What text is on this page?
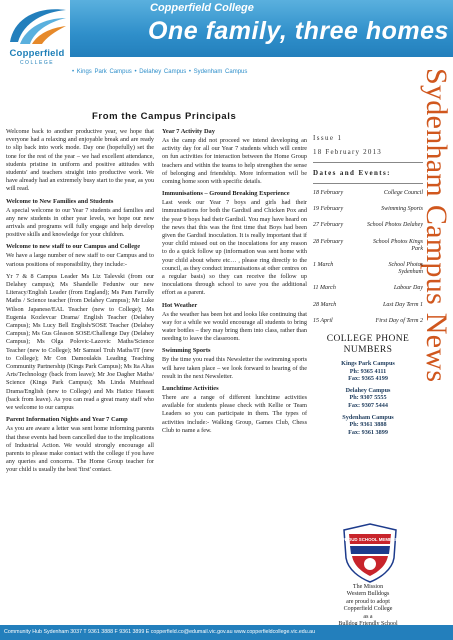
Copperfield
COLLEGE
Copperfield College
One family, three homes
• Kings Park Campus • Delahey Campus • Sydenham Campus	Sydenham Campus News
From the Campus Principals

Welcome back to another productive year, we hope that everyone had a relaxing and enjoyable break and are ready to slip back into work mode. Day one (hopefully) set the tone for the rest of the year – we had excellent attendance, students pristine in uniform and positive attitudes with students' and teachers straight into productive work. We have already had an extremely busy start to the year, as you will read.

Welcome to New Families and Students

A special welcome to our Year 7 students and families and any new students in other year levels, we hope our new arrivals and programs will fully engage and help develop positive skills and knowledge for your children.

Welcome to new staff to our Campus and College

We have a large number of new staff to our Campus and to various positions of responsibility, they include:-

Yr 7 & 8 Campus Leader Ms Liz Talevski (from our Delahey campus); Ms Shandelle Feduniw our new Literacy/English Leader (from England); Ms Pam Farrelly Maths / Science teacher (from Delahey Campus); Mr Luke Wilson Japanese/EAL Teacher (new to College); Ms Eugenia Kozlevcar Drama/ English Teacher (Delahey Campus); Ms Lucy Bell English/SOSE Teacher (Delahey Campus); Ms Gus Gleason SOSE/Challenge Day (Delahey Campus); Ms Olga Polovic-Lazovic Maths/Science Teacher (new to College); Mr Samuel Truh Maths/IT (new to College); Mr Con Damoulakis Leading Teaching Community Partnership (Kings Park Campus); Ms Ita Altas Arts/Technology (back from leave); Mr Joe Dagher Maths/ Science (Kings Park Campus); Ms Linda Muirhead Drama/English (new to College) and Ms Hatice Hassett (back from leave). As you can read a great many staff who we welcome to our campus

Parent Information Nights and Year 7 Camp

As you are aware a letter was sent home informing parents that these events had been cancelled due to the implications of Industrial Action. We would strongly encourage all parents to please make contact with the college if you have any queries and concerns. The Home Group teacher for your child is usually the best 'first' contact.

Year 7 Activity Day

As the camp did not proceed we intend developing an activity day for all our Year 7 students which will centre on fun activities for interaction between the Home Group teachers and within the teams to help strengthen the sense of belonging and friendship. More information will be coming home soon with specific details.

Immunisations – Ground Breaking Experience

Last week our Year 7 boys and girls had their immunisations for both the Gardisil and Chicken Pox and the year 9 boys had their Gardisil. You may have heard on the news that this was the first time that Boys had been given the Gardisil inoculation. It is really important that if your child missed out on the inoculations for any reason to do a quick follow up (information was sent home with your child about where etc… , please ring directly to the council, as they conduct immunisations at other centres on a regular basis) so they can receive the follow up inoculations through school to save you the additional effort as a parent.

Hot Weather

As the weather has been hot and looks like continuing that way for a while we would encourage all students to bring water bottles – they may bring them into class, rather than needing to leave the classroom.

Swimming Sports

By the time you read this Newsletter the swimming sports will have taken place – we look forward to hearing of the result in the next Newsletter.

Lunchtime Activities

There are a range of different lunchtime activities available for students please check with Kellie or Team Leaders so you can participate in them. The types of activities include:- Walking Group, Games Club, Chess Club to name a few.

Issue 1
18 February 2013
Dates and Events:
18 February	College Council
19 February	Swimming Sports
27 February	School Photos Delahey
28 February	School Photos Kings Park
1 March	School Photos Sydenham
11 March	Labour Day
28 March	Last Day Term 1
15 April	First Day of Term 2
COLLEGE PHONE NUMBERS
Kings Park Campus
Ph: 9365 4111
Fax: 9365 4199
Delahey Campus
Ph: 9307 5555
Fax: 9307 5444
Sydenham Campus
Ph: 9361 3888
Fax: 9361 3899
PROUD SCHOOL MEMBER
The Mission
Western Bulldogs
are proud to adopt
Copperfield College
as a
Community Hub Sydenham 3037 T 9361 3888 F 9361 3899 E copperfield.co@edumail.vic.gov.au www.copperfieldcollege.vic.edu.au
